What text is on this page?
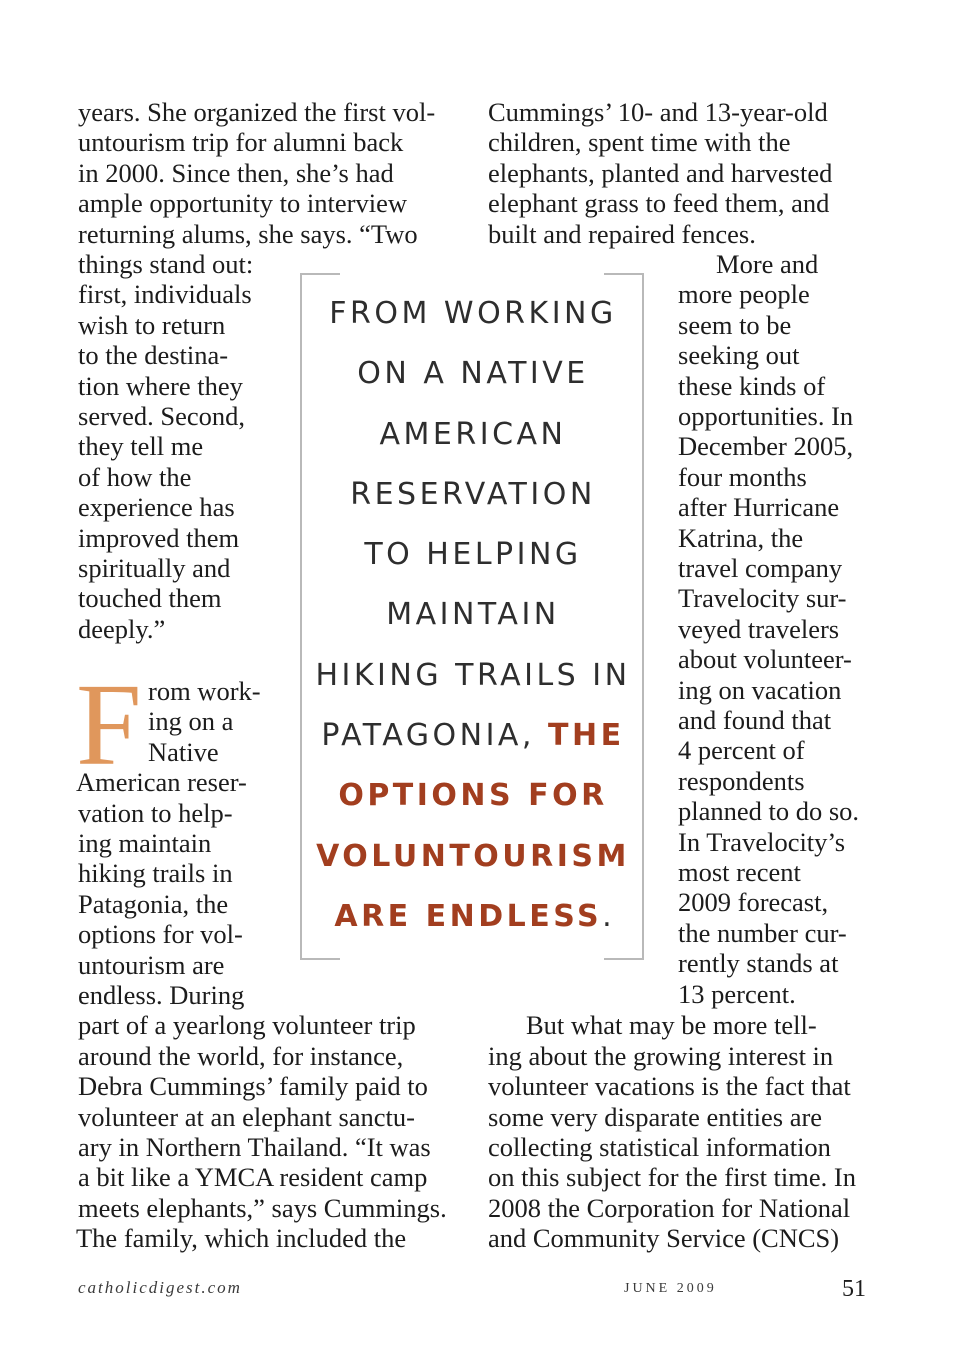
years. She organized the first vol-
untourism trip for alumni back
in 2000. Since then, she’s had
ample opportunity to interview
returning alums, she says. “Two
things stand out:
first, individuals
wish to return
to the destina-
tion where they
served. Second,
they tell me
of how the
experience has
improved them
spiritually and
touched them
deeply.”
F rom work-
ing on a
Native
American reser-
vation to help-
ing maintain
hiking trails in
Patagonia, the
options for vol-
untourism are
endless. During
part of a yearlong volunteer trip
around the world, for instance,
Debra Cummings’ family paid to
volunteer at an elephant sanctu-
ary in Northern Thailand. “It was
a bit like a YMCA resident camp
meets elephants,” says Cummings.
The family, which included the
Cummings’ 10- and 13-year-old
children, spent time with the
elephants, planted and harvested
elephant grass to feed them, and
built and repaired fences.
More and
more people
seem to be
seeking out
these kinds of
opportunities. In
December 2005,
four months
after Hurricane
Katrina, the
travel company
Travelocity sur-
veyed travelers
about volunteer-
ing on vacation
and found that
4 percent of
respondents
planned to do so.
In Travelocity’s
most recent
2009 forecast,
the number cur-
rently stands at
13 percent.
But what may be more tell-
ing about the growing interest in
volunteer vacations is the fact that
some very disparate entities are
collecting statistical information
on this subject for the first time. In
2008 the Corporation for National
and Community Service (CNCS)
FROM WORKING
ON A NATIVE
AMERICAN
RESERVATION
TO HELPING
MAINTAIN
HIKING TRAILS IN
PATAGONIA, THE
OPTIONS FOR
VOLUNTOURISM
ARE ENDLESS.
catholicdigest.com	JUNE 2009	51
